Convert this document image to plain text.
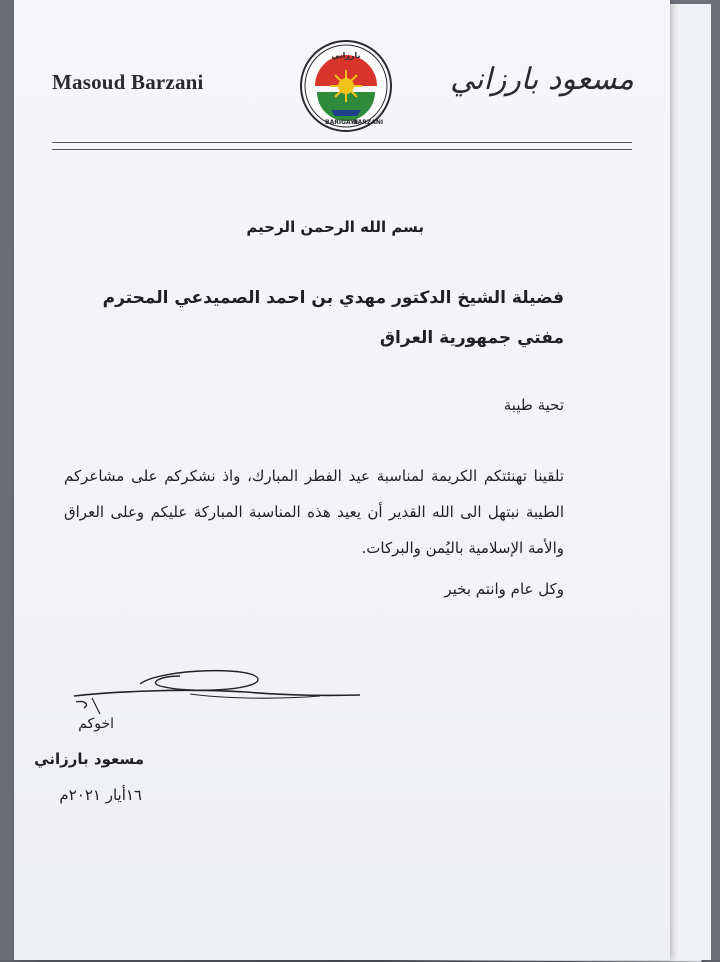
Masoud Barzani
بارزاني
BARIGAYE
BARZANI
مسعود بارزاني
بسم الله الرحمن الرحيم
فضيلة الشيخ الدكتور مهدي بن احمد الصميدعي المحترم
مفتي جمهورية العراق
تحية طيبة
تلقينا تهنئتكم الكريمة لمناسبة عيد الفطر المبارك، واذ نشكركم على مشاعركم الطيبة نبتهل الى الله القدير أن يعيد هذه المناسبة المباركة عليكم وعلى العراق والأمة الإسلامية باليُمن والبركات.
وكل عام وانتم بخير
اخوكم
مسعود بارزاني
١٦أيار ٢٠٢١م
